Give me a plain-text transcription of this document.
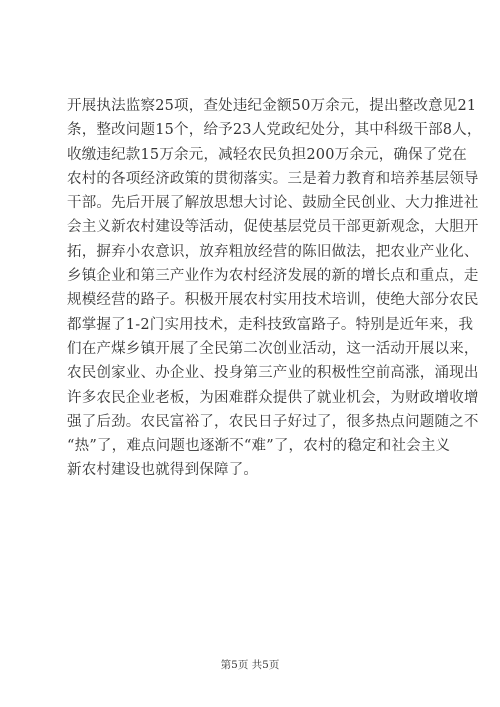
开展执法监察25项，查处违纪金额50万余元，提出整改意见21
条，整改问题15个，给予23人党政纪处分，其中科级干部8人，
收缴违纪款15万余元，减轻农民负担200万余元，确保了党在
农村的各项经济政策的贯彻落实。三是着力教育和培养基层领导
干部。先后开展了解放思想大讨论、鼓励全民创业、大力推进社
会主义新农村建设等活动，促使基层党员干部更新观念，大胆开
拓，摒弃小农意识，放弃粗放经营的陈旧做法，把农业产业化、
乡镇企业和第三产业作为农村经济发展的新的增长点和重点，走
规模经营的路子。积极开展农村实用技术培训，使绝大部分农民
都掌握了1-2门实用技术，走科技致富路子。特别是近年来，我
们在产煤乡镇开展了全民第二次创业活动，这一活动开展以来，
农民创家业、办企业、投身第三产业的积极性空前高涨，涌现出
许多农民企业老板，为困难群众提供了就业机会，为财政增收增
强了后劲。农民富裕了，农民日子好过了，很多热点问题随之不
“热”了，难点问题也逐渐不“难”了，农村的稳定和社会主义
新农村建设也就得到保障了。
第5页 共5页
